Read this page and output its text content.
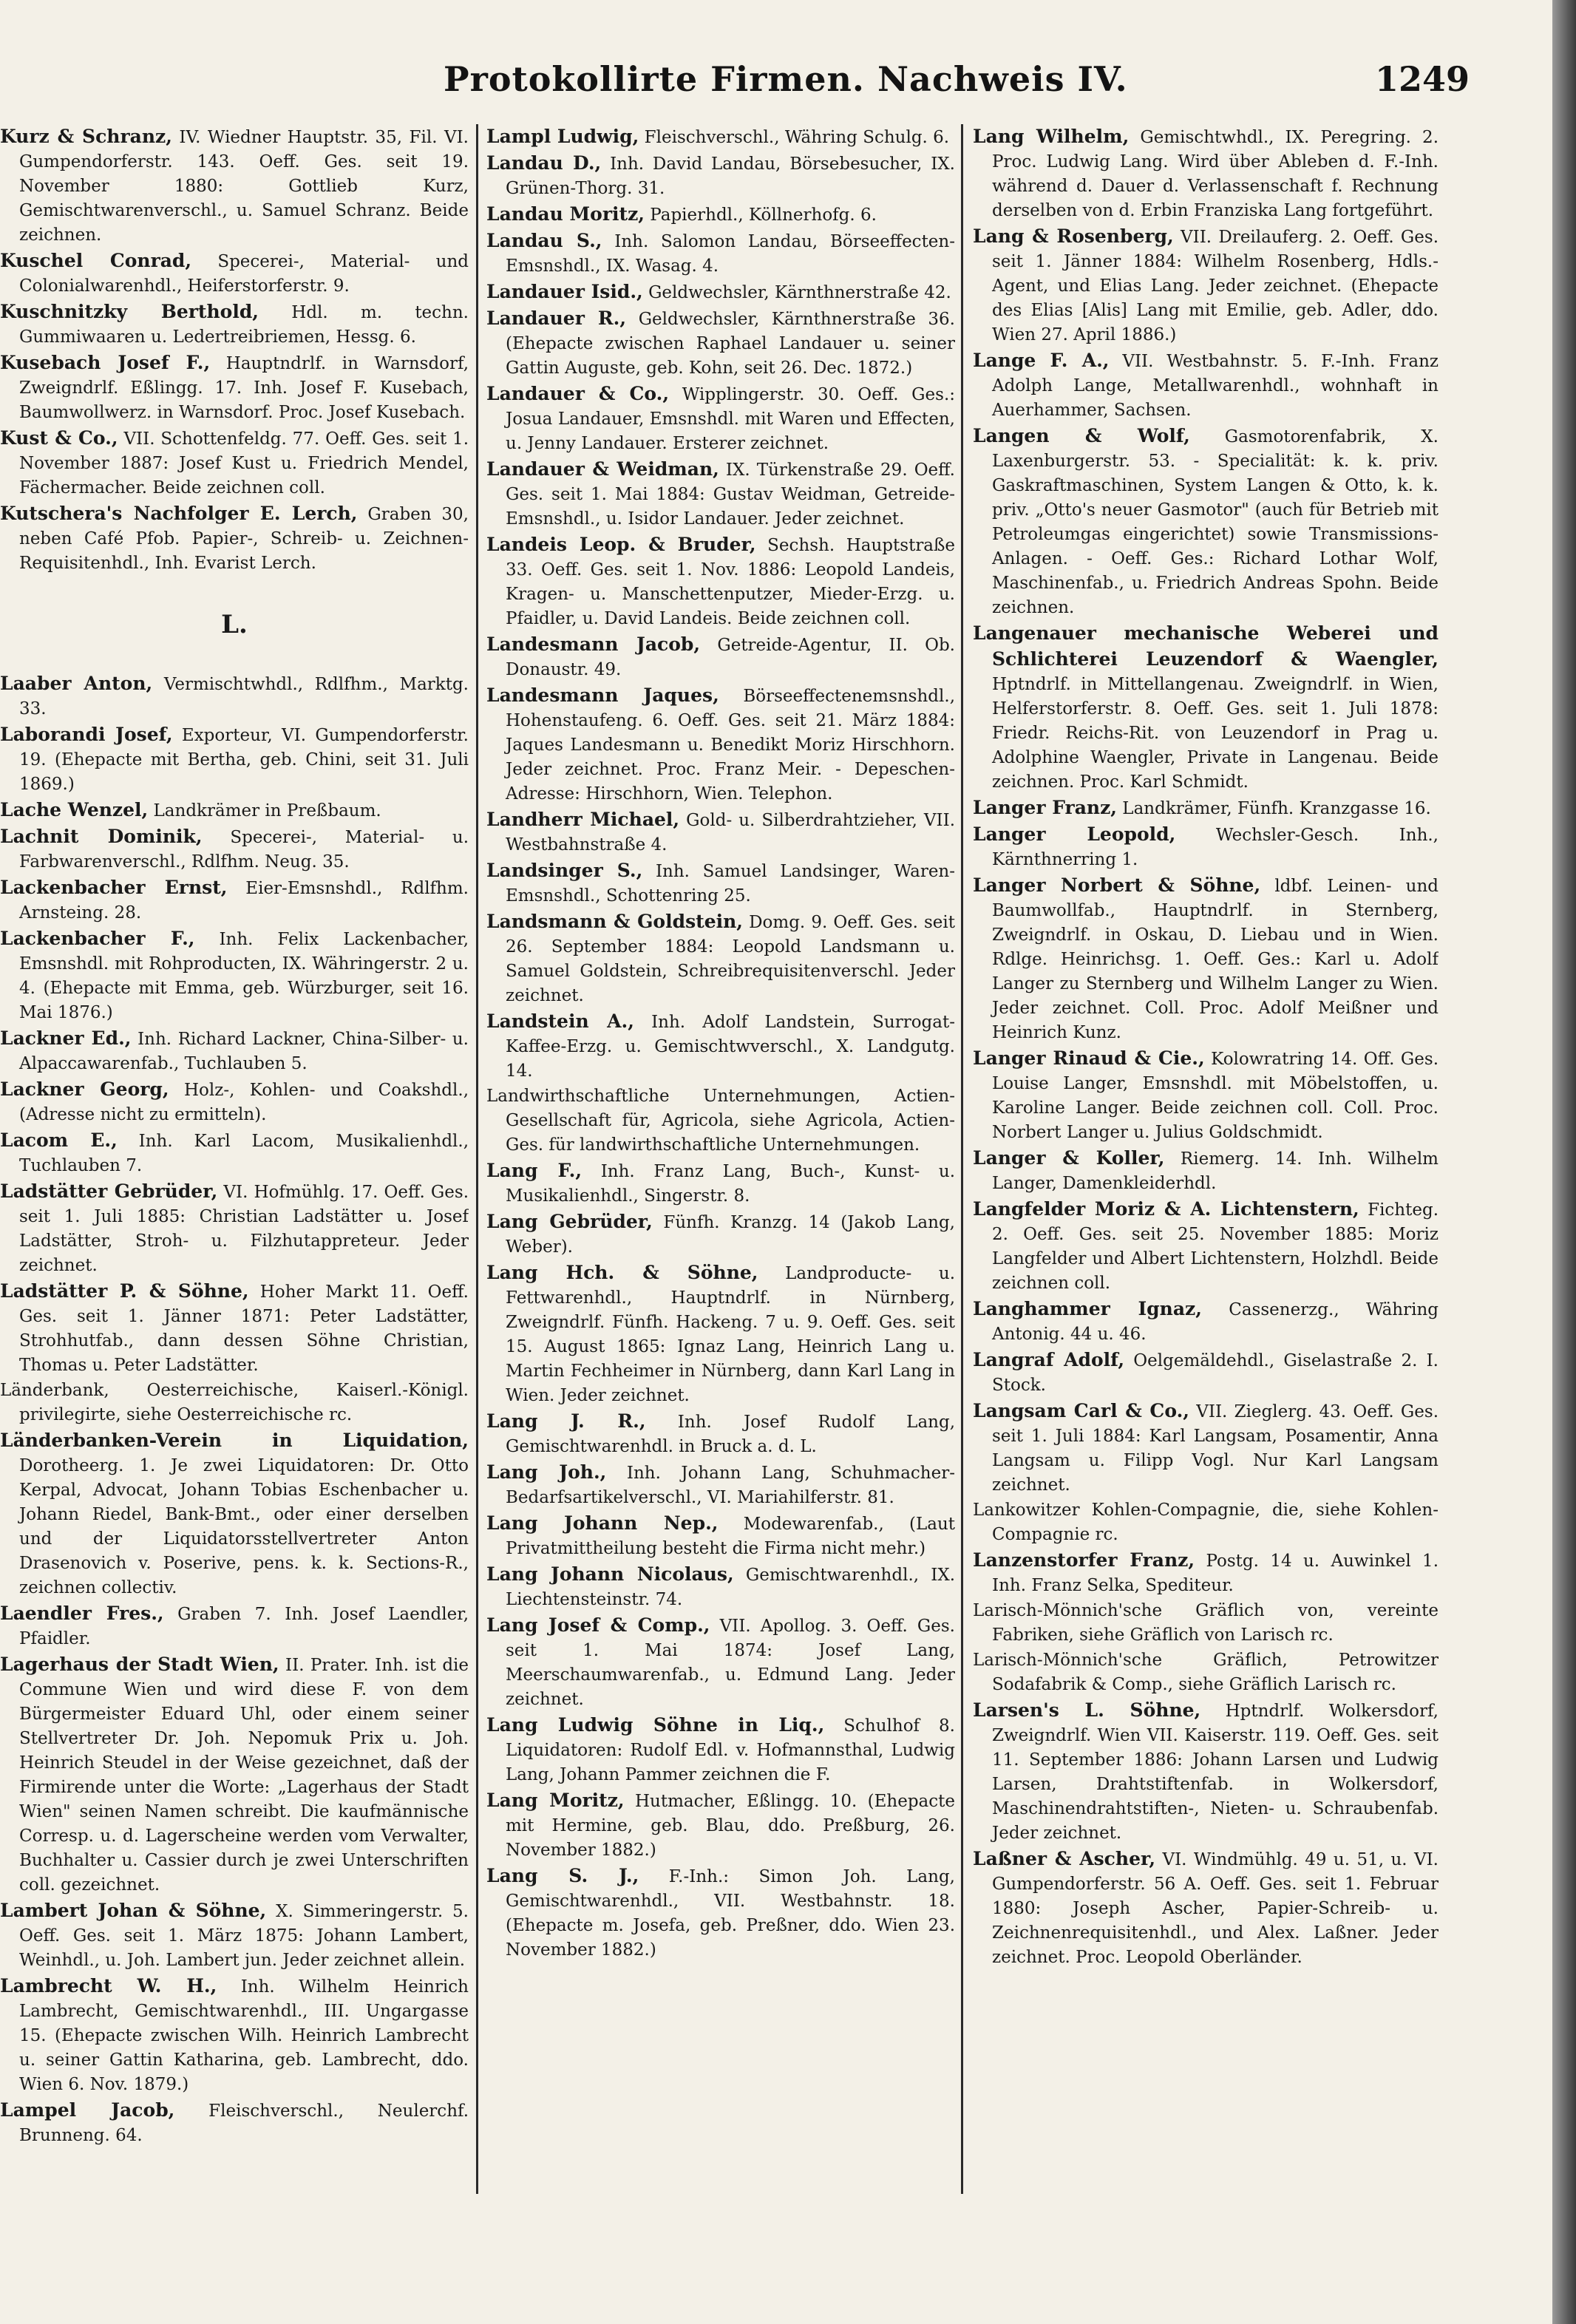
Protokollirte Firmen. Nachweis IV.	1249
Kurz & Schranz, IV. Wiedner Hauptstr. 35, Fil. VI. Gumpendorferstr. 143. Oeff. Ges. seit 19. November 1880: Gottlieb Kurz, Gemischtwarenverschl., u. Samuel Schranz. Beide zeichnen.
Kuschel Conrad, Specerei-, Material- und Colonialwarenhdl., Heiferstorferstr. 9.
Kuschnitzky Berthold, Hdl. m. techn. Gummiwaaren u. Ledertreibriemen, Hessg. 6.
Kusebach Josef F., Hauptndrlf. in Warnsdorf, Zweigndrlf. Eßlingg. 17. Inh. Josef F. Kusebach, Baumwollwerz. in Warnsdorf. Proc. Josef Kusebach.
Kust & Co., VII. Schottenfeldg. 77. Oeff. Ges. seit 1. November 1887: Josef Kust u. Friedrich Mendel, Fächermacher. Beide zeichnen coll.
Kutschera's Nachfolger E. Lerch, Graben 30, neben Café Pfob. Papier-, Schreib- u. Zeichnen-Requisitenhdl., Inh. Evarist Lerch.
L.
Laaber Anton, Vermischtwhdl., Rdlfhm., Marktg. 33.
Laborandi Josef, Exporteur, VI. Gumpendorferstr. 19. (Ehepacte mit Bertha, geb. Chini, seit 31. Juli 1869.)
Lache Wenzel, Landkrämer in Preßbaum.
Lachnit Dominik, Specerei-, Material- u. Farbwarenverschl., Rdlfhm. Neug. 35.
Lackenbacher Ernst, Eier-Emsnshdl., Rdlfhm. Arnsteing. 28.
Lackenbacher F., Inh. Felix Lackenbacher, Emsnshdl. mit Rohproducten, IX. Währingerstr. 2 u. 4. (Ehepacte mit Emma, geb. Würzburger, seit 16. Mai 1876.)
Lackner Ed., Inh. Richard Lackner, China-Silber- u. Alpaccawarenfab., Tuchlauben 5.
Lackner Georg, Holz-, Kohlen- und Coakshdl., (Adresse nicht zu ermitteln).
Lacom E., Inh. Karl Lacom, Musikalienhdl., Tuchlauben 7.
Ladstätter Gebrüder, VI. Hofmühlg. 17. Oeff. Ges. seit 1. Juli 1885: Christian Ladstätter u. Josef Ladstätter, Stroh- u. Filzhutappreteur. Jeder zeichnet.
Ladstätter P. & Söhne, Hoher Markt 11. Oeff. Ges. seit 1. Jänner 1871: Peter Ladstätter, Strohhutfab., dann dessen Söhne Christian, Thomas u. Peter Ladstätter.
Länderbank, Oesterreichische, Kaiserl.-Königl. privilegirte, siehe Oesterreichische rc.
Länderbanken-Verein in Liquidation, Dorotheerg. 1. Je zwei Liquidatoren: Dr. Otto Kerpal, Advocat, Johann Tobias Eschenbacher u. Johann Riedel, Bank-Bmt., oder einer derselben und der Liquidatorsstellvertreter Anton Drasenovich v. Poserive, pens. k. k. Sections-R., zeichnen collectiv.
Laendler Fres., Graben 7. Inh. Josef Laendler, Pfaidler.
Lagerhaus der Stadt Wien, II. Prater. Inh. ist die Commune Wien und wird diese F. von dem Bürgermeister Eduard Uhl, oder einem seiner Stellvertreter Dr. Joh. Nepomuk Prix u. Joh. Heinrich Steudel in der Weise gezeichnet, daß der Firmirende unter die Worte: „Lagerhaus der Stadt Wien" seinen Namen schreibt. Die kaufmännische Corresp. u. d. Lagerscheine werden vom Verwalter, Buchhalter u. Cassier durch je zwei Unterschriften coll. gezeichnet.
Lambert Johan & Söhne, X. Simmeringerstr. 5. Oeff. Ges. seit 1. März 1875: Johann Lambert, Weinhdl., u. Joh. Lambert jun. Jeder zeichnet allein.
Lambrecht W. H., Inh. Wilhelm Heinrich Lambrecht, Gemischtwarenhdl., III. Ungargasse 15. (Ehepacte zwischen Wilh. Heinrich Lambrecht u. seiner Gattin Katharina, geb. Lambrecht, ddo. Wien 6. Nov. 1879.)
Lampel Jacob, Fleischverschl., Neulerchf. Brunneng. 64.
Lampl Ludwig, Fleischverschl., Währing Schulg. 6.
Landau D., Inh. David Landau, Börsebesucher, IX. Grünen-Thorg. 31.
Landau Moritz, Papierhdl., Köllnerhofg. 6.
Landau S., Inh. Salomon Landau, Börseeffecten-Emsnshdl., IX. Wasag. 4.
Landauer Isid., Geldwechsler, Kärnthnerstraße 42.
Landauer R., Geldwechsler, Kärnthnerstraße 36. (Ehepacte zwischen Raphael Landauer u. seiner Gattin Auguste, geb. Kohn, seit 26. Dec. 1872.)
Landauer & Co., Wipplingerstr. 30. Oeff. Ges.: Josua Landauer, Emsnshdl. mit Waren und Effecten, u. Jenny Landauer. Ersterer zeichnet.
Landauer & Weidman, IX. Türkenstraße 29. Oeff. Ges. seit 1. Mai 1884: Gustav Weidman, Getreide-Emsnshdl., u. Isidor Landauer. Jeder zeichnet.
Landeis Leop. & Bruder, Sechsh. Hauptstraße 33. Oeff. Ges. seit 1. Nov. 1886: Leopold Landeis, Kragen- u. Manschettenputzer, Mieder-Erzg. u. Pfaidler, u. David Landeis. Beide zeichnen coll.
Landesmann Jacob, Getreide-Agentur, II. Ob. Donaustr. 49.
Landesmann Jaques, Börseeffectenemsnshdl., Hohenstaufeng. 6. Oeff. Ges. seit 21. März 1884: Jaques Landesmann u. Benedikt Moriz Hirschhorn. Jeder zeichnet. Proc. Franz Meir. - Depeschen-Adresse: Hirschhorn, Wien. Telephon.
Landherr Michael, Gold- u. Silberdrahtzieher, VII. Westbahnstraße 4.
Landsinger S., Inh. Samuel Landsinger, Waren-Emsnshdl., Schottenring 25.
Landsmann & Goldstein, Domg. 9. Oeff. Ges. seit 26. September 1884: Leopold Landsmann u. Samuel Goldstein, Schreibrequisitenverschl. Jeder zeichnet.
Landstein A., Inh. Adolf Landstein, Surrogat-Kaffee-Erzg. u. Gemischtwverschl., X. Landgutg. 14.
Landwirthschaftliche Unternehmungen, Actien-Gesellschaft für, Agricola, siehe Agricola, Actien-Ges. für landwirthschaftliche Unternehmungen.
Lang F., Inh. Franz Lang, Buch-, Kunst- u. Musikalienhdl., Singerstr. 8.
Lang Gebrüder, Fünfh. Kranzg. 14 (Jakob Lang, Weber).
Lang Hch. & Söhne, Landproducte- u. Fettwarenhdl., Hauptndrlf. in Nürnberg, Zweigndrlf. Fünfh. Hackeng. 7 u. 9. Oeff. Ges. seit 15. August 1865: Ignaz Lang, Heinrich Lang u. Martin Fechheimer in Nürnberg, dann Karl Lang in Wien. Jeder zeichnet.
Lang J. R., Inh. Josef Rudolf Lang, Gemischtwarenhdl. in Bruck a. d. L.
Lang Joh., Inh. Johann Lang, Schuhmacher-Bedarfsartikelverschl., VI. Mariahilferstr. 81.
Lang Johann Nep., Modewarenfab., (Laut Privatmittheilung besteht die Firma nicht mehr.)
Lang Johann Nicolaus, Gemischtwarenhdl., IX. Liechtensteinstr. 74.
Lang Josef & Comp., VII. Apollog. 3. Oeff. Ges. seit 1. Mai 1874: Josef Lang, Meerschaumwarenfab., u. Edmund Lang. Jeder zeichnet.
Lang Ludwig Söhne in Liq., Schulhof 8. Liquidatoren: Rudolf Edl. v. Hofmannsthal, Ludwig Lang, Johann Pammer zeichnen die F.
Lang Moritz, Hutmacher, Eßlingg. 10. (Ehepacte mit Hermine, geb. Blau, ddo. Preßburg, 26. November 1882.)
Lang S. J., F.-Inh.: Simon Joh. Lang, Gemischtwarenhdl., VII. Westbahnstr. 18. (Ehepacte m. Josefa, geb. Preßner, ddo. Wien 23. November 1882.)
Lang Wilhelm, Gemischtwhdl., IX. Peregring. 2. Proc. Ludwig Lang. Wird über Ableben d. F.-Inh. während d. Dauer d. Verlassenschaft f. Rechnung derselben von d. Erbin Franziska Lang fortgeführt.
Lang & Rosenberg, VII. Dreilauferg. 2. Oeff. Ges. seit 1. Jänner 1884: Wilhelm Rosenberg, Hdls.-Agent, und Elias Lang. Jeder zeichnet. (Ehepacte des Elias [Alis] Lang mit Emilie, geb. Adler, ddo. Wien 27. April 1886.)
Lange F. A., VII. Westbahnstr. 5. F.-Inh. Franz Adolph Lange, Metallwarenhdl., wohnhaft in Auerhammer, Sachsen.
Langen & Wolf, Gasmotorenfabrik, X. Laxenburgerstr. 53. - Specialität: k. k. priv. Gaskraftmaschinen, System Langen & Otto, k. k. priv. „Otto's neuer Gasmotor" (auch für Betrieb mit Petroleumgas eingerichtet) sowie Transmissions-Anlagen. - Oeff. Ges.: Richard Lothar Wolf, Maschinenfab., u. Friedrich Andreas Spohn. Beide zeichnen.
Langenauer mechanische Weberei und Schlichterei Leuzendorf & Waengler, Hptndrlf. in Mittellangenau. Zweigndrlf. in Wien, Helferstorferstr. 8. Oeff. Ges. seit 1. Juli 1878: Friedr. Reichs-Rit. von Leuzendorf in Prag u. Adolphine Waengler, Private in Langenau. Beide zeichnen. Proc. Karl Schmidt.
Langer Franz, Landkrämer, Fünfh. Kranzgasse 16.
Langer Leopold, Wechsler-Gesch. Inh., Kärnthnerring 1.
Langer Norbert & Söhne, ldbf. Leinen- und Baumwollfab., Hauptndrlf. in Sternberg, Zweigndrlf. in Oskau, D. Liebau und in Wien. Rdlge. Heinrichsg. 1. Oeff. Ges.: Karl u. Adolf Langer zu Sternberg und Wilhelm Langer zu Wien. Jeder zeichnet. Coll. Proc. Adolf Meißner und Heinrich Kunz.
Langer Rinaud & Cie., Kolowratring 14. Off. Ges. Louise Langer, Emsnshdl. mit Möbelstoffen, u. Karoline Langer. Beide zeichnen coll. Coll. Proc. Norbert Langer u. Julius Goldschmidt.
Langer & Koller, Riemerg. 14. Inh. Wilhelm Langer, Damenkleiderhdl.
Langfelder Moriz & A. Lichtenstern, Fichteg. 2. Oeff. Ges. seit 25. November 1885: Moriz Langfelder und Albert Lichtenstern, Holzhdl. Beide zeichnen coll.
Langhammer Ignaz, Cassenerzg., Währing Antonig. 44 u. 46.
Langraf Adolf, Oelgemäldehdl., Giselastraße 2. I. Stock.
Langsam Carl & Co., VII. Zieglerg. 43. Oeff. Ges. seit 1. Juli 1884: Karl Langsam, Posamentir, Anna Langsam u. Filipp Vogl. Nur Karl Langsam zeichnet.
Lankowitzer Kohlen-Compagnie, die, siehe Kohlen-Compagnie rc.
Lanzenstorfer Franz, Postg. 14 u. Auwinkel 1. Inh. Franz Selka, Spediteur.
Larisch-Mönnich'sche Gräflich von, vereinte Fabriken, siehe Gräflich von Larisch rc.
Larisch-Mönnich'sche Gräflich, Petrowitzer Sodafabrik & Comp., siehe Gräflich Larisch rc.
Larsen's L. Söhne, Hptndrlf. Wolkersdorf, Zweigndrlf. Wien VII. Kaiserstr. 119. Oeff. Ges. seit 11. September 1886: Johann Larsen und Ludwig Larsen, Drahtstiftenfab. in Wolkersdorf, Maschinendrahtstiften-, Nieten- u. Schraubenfab. Jeder zeichnet.
Laßner & Ascher, VI. Windmühlg. 49 u. 51, u. VI. Gumpendorferstr. 56 A. Oeff. Ges. seit 1. Februar 1880: Joseph Ascher, Papier-Schreib- u. Zeichnenrequisitenhdl., und Alex. Laßner. Jeder zeichnet. Proc. Leopold Oberländer.
